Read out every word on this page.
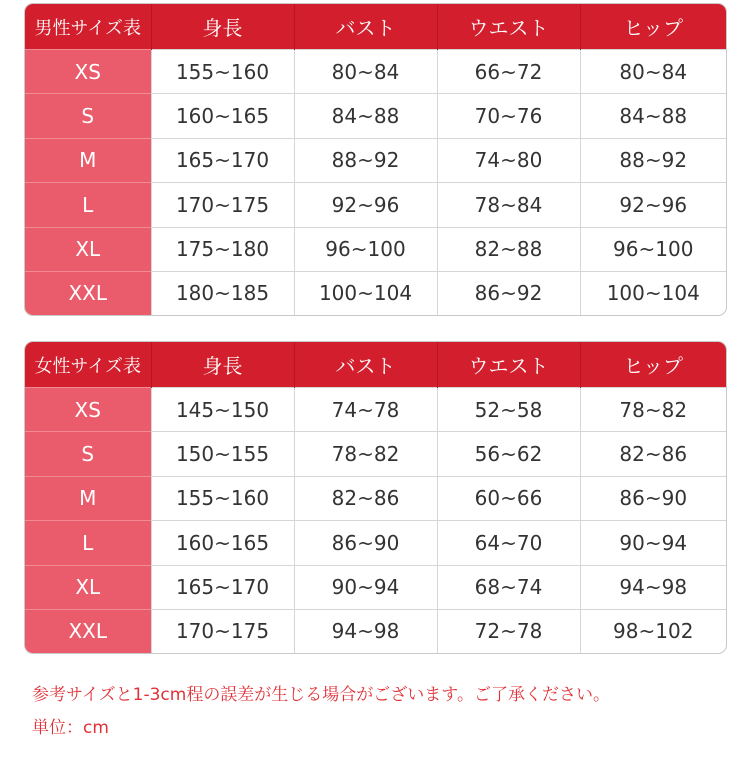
男性サイズ表	身長	バスト	ウエスト	ヒップ
XS	155~160	80~84	66~72	80~84
S	160~165	84~88	70~76	84~88
M	165~170	88~92	74~80	88~92
L	170~175	92~96	78~84	92~96
XL	175~180	96~100	82~88	96~100
XXL	180~185	100~104	86~92	100~104
女性サイズ表	身長	バスト	ウエスト	ヒップ
XS	145~150	74~78	52~58	78~82
S	150~155	78~82	56~62	82~86
M	155~160	82~86	60~66	86~90
L	160~165	86~90	64~70	90~94
XL	165~170	90~94	68~74	94~98
XXL	170~175	94~98	72~78	98~102
参考サイズと1-3cm程の誤差が生じる場合がございます。ご了承ください。
単位：cm
